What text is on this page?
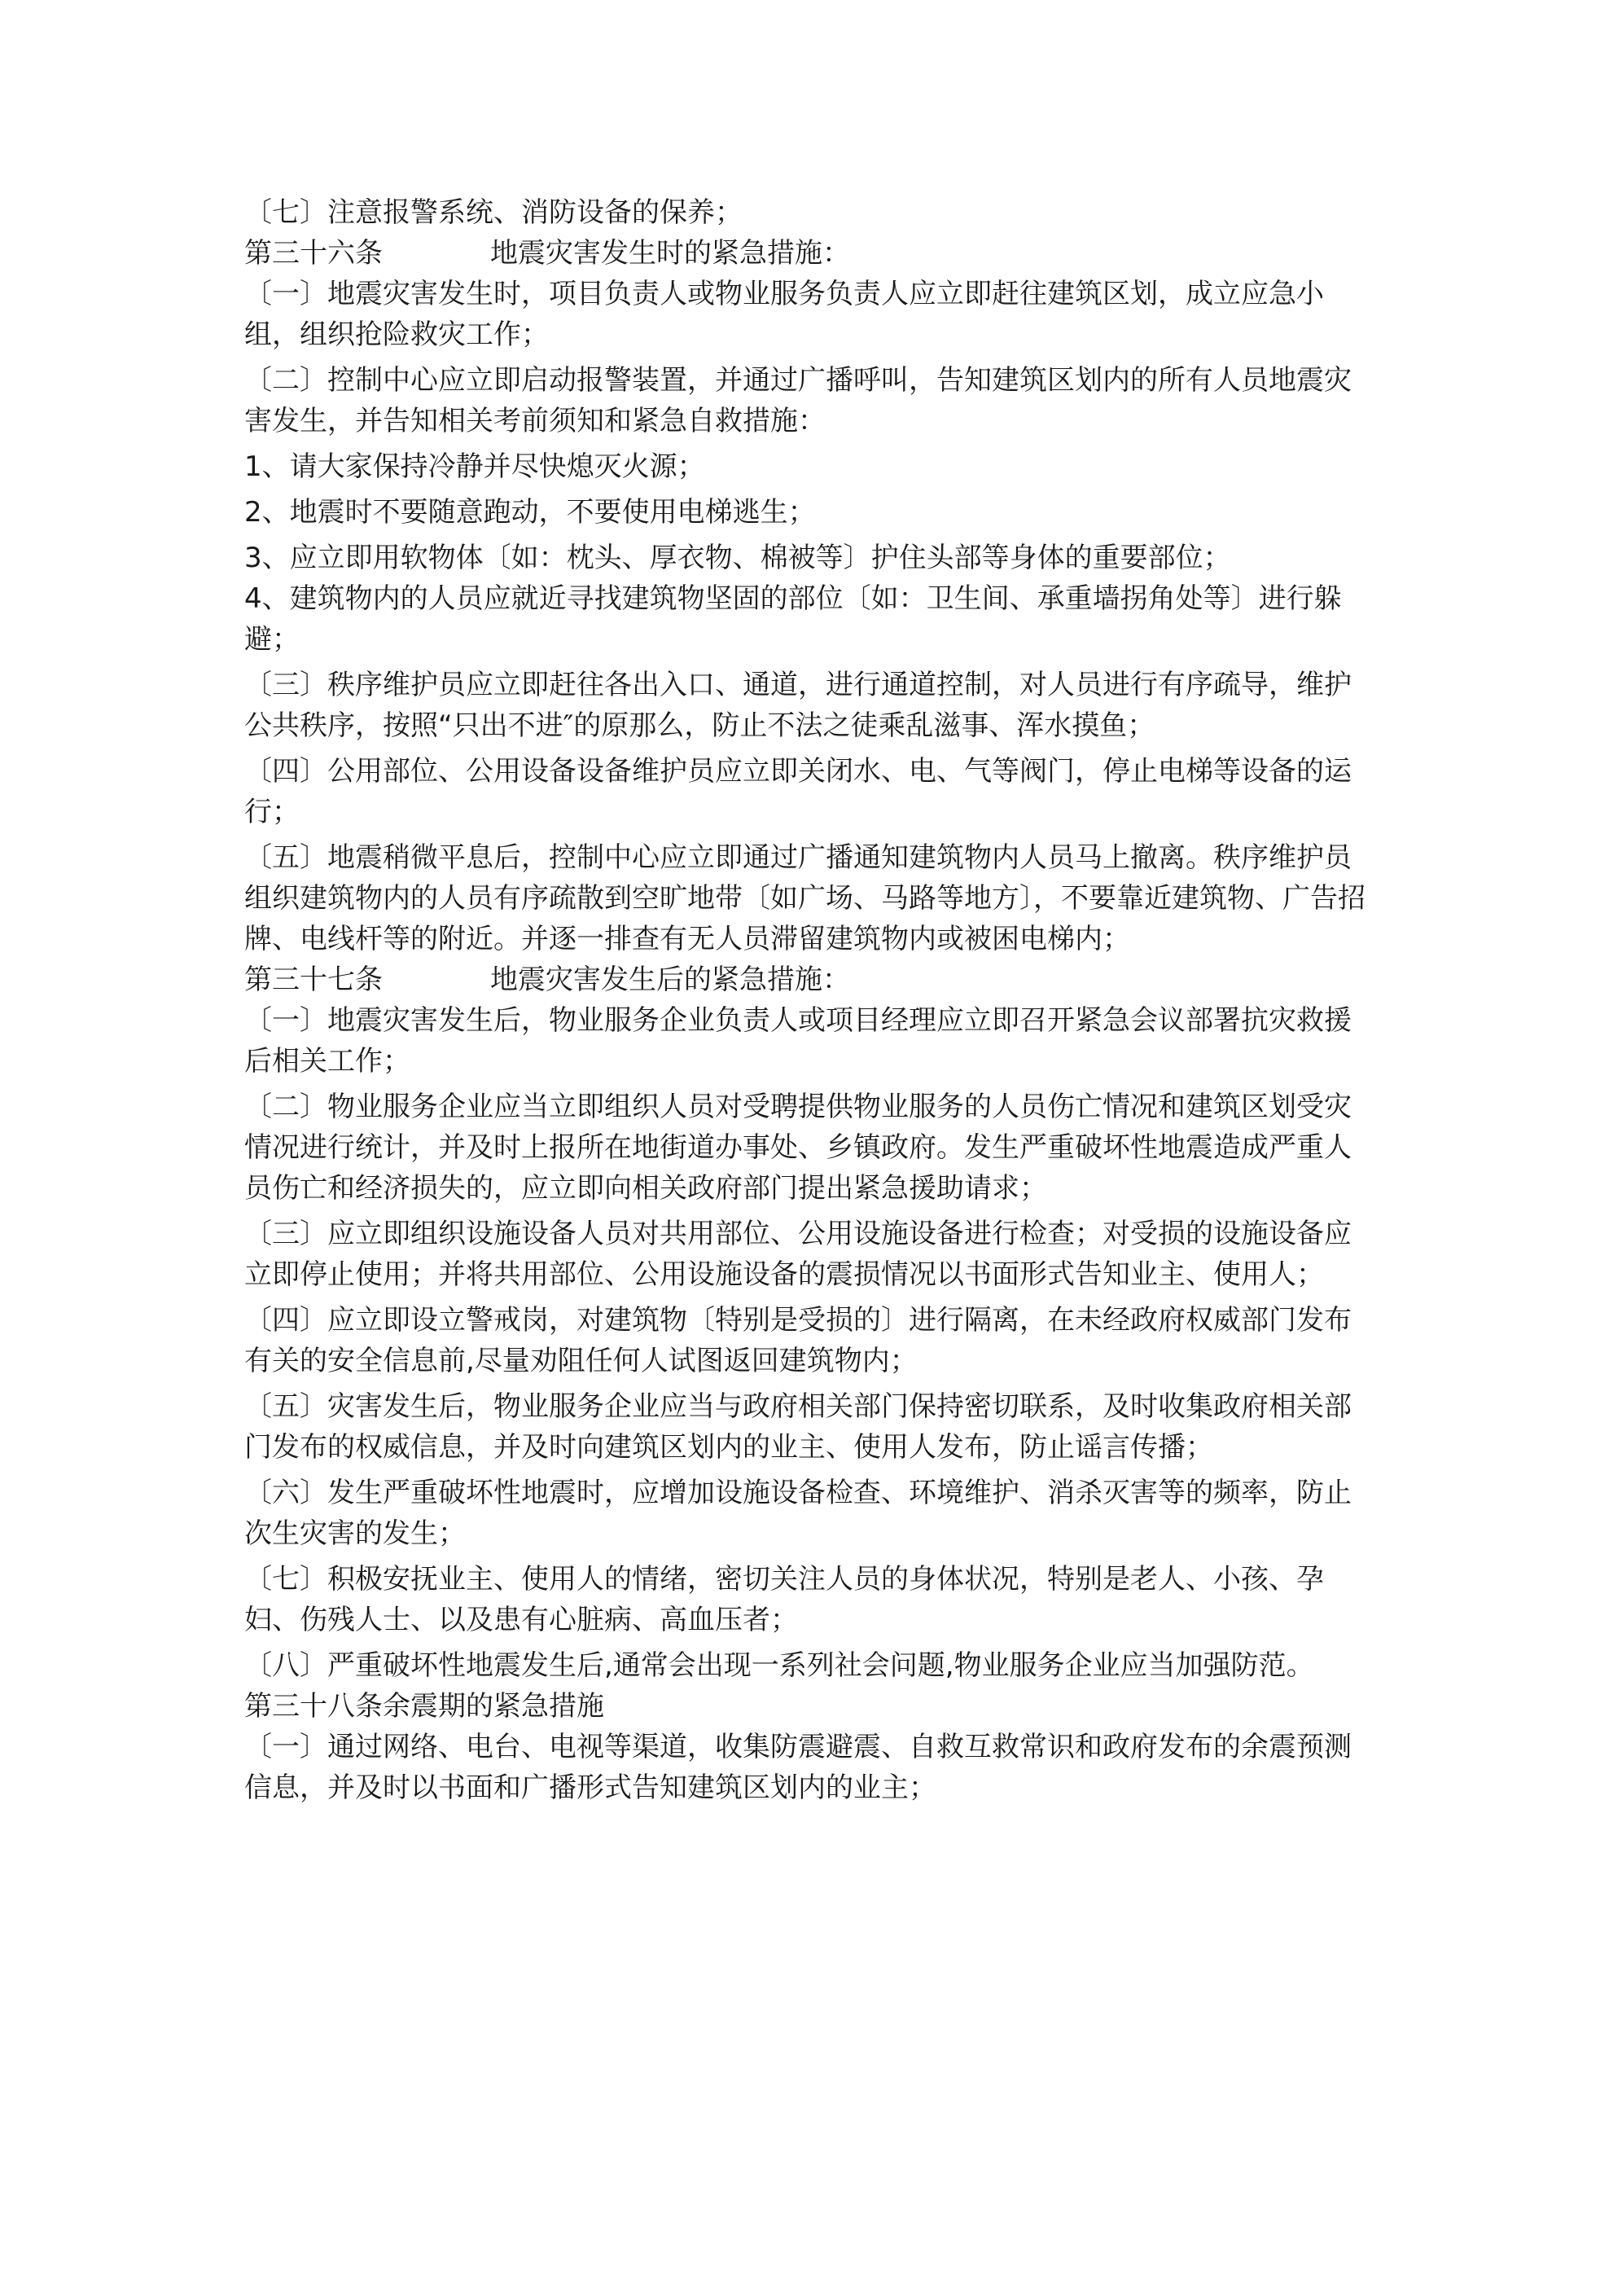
〔七〕注意报警系统、消防设备的保养；

第三十六条	地震灾害发生时的紧急措施：

〔一〕地震灾害发生时，项目负责人或物业服务负责人应立即赶往建筑区划，成立应急小组，组织抢险救灾工作；

〔二〕控制中心应立即启动报警装置，并通过广播呼叫，告知建筑区划内的所有人员地震灾害发生，并告知相关考前须知和紧急自救措施：

1、请大家保持冷静并尽快熄灭火源；

2、地震时不要随意跑动，不要使用电梯逃生；

3、应立即用软物体〔如：枕头、厚衣物、棉被等〕护住头部等身体的重要部位；

4、建筑物内的人员应就近寻找建筑物坚固的部位〔如：卫生间、承重墙拐角处等〕进行躲避；

〔三〕秩序维护员应立即赶往各出入口、通道，进行通道控制，对人员进行有序疏导，维护公共秩序，按照“只出不进″的原那么，防止不法之徒乘乱滋事、浑水摸鱼；

〔四〕公用部位、公用设备设备维护员应立即关闭水、电、气等阀门，停止电梯等设备的运行；

〔五〕地震稍微平息后，控制中心应立即通过广播通知建筑物内人员马上撤离。秩序维护员组织建筑物内的人员有序疏散到空旷地带〔如广场、马路等地方〕，不要靠近建筑物、广告招牌、电线杆等的附近。并逐一排查有无人员滞留建筑物内或被困电梯内；

第三十七条	地震灾害发生后的紧急措施：

〔一〕地震灾害发生后，物业服务企业负责人或项目经理应立即召开紧急会议部署抗灾救援后相关工作；

〔二〕物业服务企业应当立即组织人员对受聘提供物业服务的人员伤亡情况和建筑区划受灾情况进行统计，并及时上报所在地街道办事处、乡镇政府。发生严重破坏性地震造成严重人员伤亡和经济损失的，应立即向相关政府部门提出紧急援助请求；

〔三〕应立即组织设施设备人员对共用部位、公用设施设备进行检查；对受损的设施设备应立即停止使用；并将共用部位、公用设施设备的震损情况以书面形式告知业主、使用人；

〔四〕应立即设立警戒岗，对建筑物〔特别是受损的〕进行隔离，在未经政府权威部门发布有关的安全信息前,尽量劝阻任何人试图返回建筑物内；

〔五〕灾害发生后，物业服务企业应当与政府相关部门保持密切联系，及时收集政府相关部门发布的权威信息，并及时向建筑区划内的业主、使用人发布，防止谣言传播；

〔六〕发生严重破坏性地震时，应增加设施设备检查、环境维护、消杀灭害等的频率，防止次生灾害的发生；

〔七〕积极安抚业主、使用人的情绪，密切关注人员的身体状况，特别是老人、小孩、孕妇、伤残人士、以及患有心脏病、高血压者；

〔八〕严重破坏性地震发生后,通常会出现一系列社会问题,物业服务企业应当加强防范。

第三十八条余震期的紧急措施

〔一〕通过网络、电台、电视等渠道，收集防震避震、自救互救常识和政府发布的余震预测信息，并及时以书面和广播形式告知建筑区划内的业主；
